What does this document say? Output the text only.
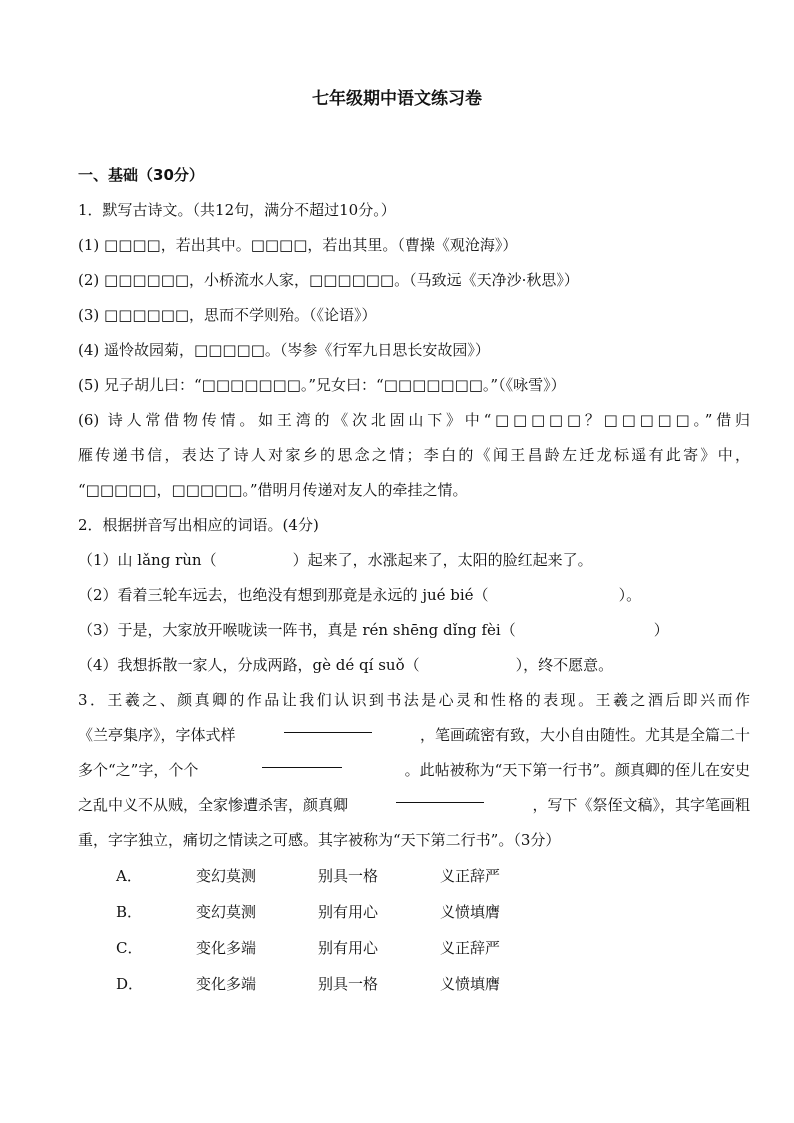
七年级期中语文练习卷
一、基础（30分）
1．默写古诗文。（共12句，满分不超过10分。）
(1) □□□□，若出其中。□□□□，若出其里。（曹操《观沧海》）
(2) □□□□□□，小桥流水人家，□□□□□□。（马致远《天净沙·秋思》）
(3) □□□□□□，思而不学则殆。（《论语》）
(4) 遥怜故园菊，□□□□□。（岑参《行军九日思长安故园》）
(5) 兄子胡儿曰：“□□□□□□□。”兄女曰：“□□□□□□□。”（《咏雪》）
(6) 诗人常借物传情。如王湾的《次北固山下》中“□□□□□？□□□□□。”借归
雁传递书信，表达了诗人对家乡的思念之情；李白的《闻王昌龄左迁龙标遥有此寄》中，
“□□□□□，□□□□□。”借明月传递对友人的牵挂之情。
2．根据拼音写出相应的词语。(4分)
（1）山 lǎng rùn（	）起来了，水涨起来了，太阳的脸红起来了。
（2）看着三轮车远去，也绝没有想到那竟是永远的 jué bié（	）。
（3）于是，大家放开喉咙读一阵书，真是 rén shēng dǐng fèi（	）
（4）我想拆散一家人，分成两路，gè dé qí suǒ（	），终不愿意。
3．王羲之、颜真卿的作品让我们认识到书法是心灵和性格的表现。王羲之酒后即兴而作
《兰亭集序》，字体式样	，笔画疏密有致，大小自由随性。尤其是全篇二十
多个“之”字，个个	。此帖被称为“天下第一行书”。颜真卿的侄儿在安史
之乱中义不从贼，全家惨遭杀害，颜真卿	，写下《祭侄文稿》，其字笔画粗
重，字字独立，痛切之情读之可感。其字被称为“天下第二行书”。（3分）
A．	变幻莫测	别具一格	义正辞严
B．	变幻莫测	别有用心	义愤填膺
C．	变化多端	别有用心	义正辞严
D．	变化多端	别具一格	义愤填膺
